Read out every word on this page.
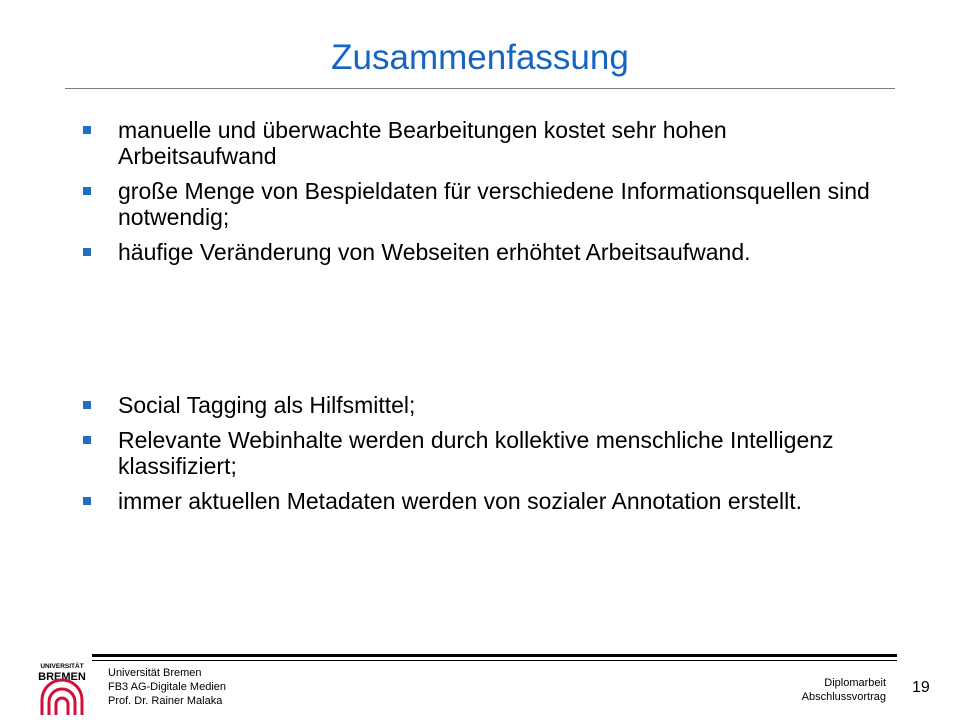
Zusammenfassung
manuelle und überwachte Bearbeitungen kostet sehr hohen Arbeitsaufwand
große Menge von Bespieldaten für verschiedene Informationsquellen sind notwendig;
häufige Veränderung von Webseiten erhöhtet Arbeitsaufwand.
Social Tagging als Hilfsmittel;
Relevante Webinhalte werden durch kollektive menschliche Intelligenz klassifiziert;
immer aktuellen Metadaten werden von sozialer Annotation erstellt.
UNIVERSITÄT
BREMEN Universität Bremen
FB3 AG-Digitale Medien
Prof. Dr. Rainer Malaka
Diplomarbeit
Abschlussvortrag
19
